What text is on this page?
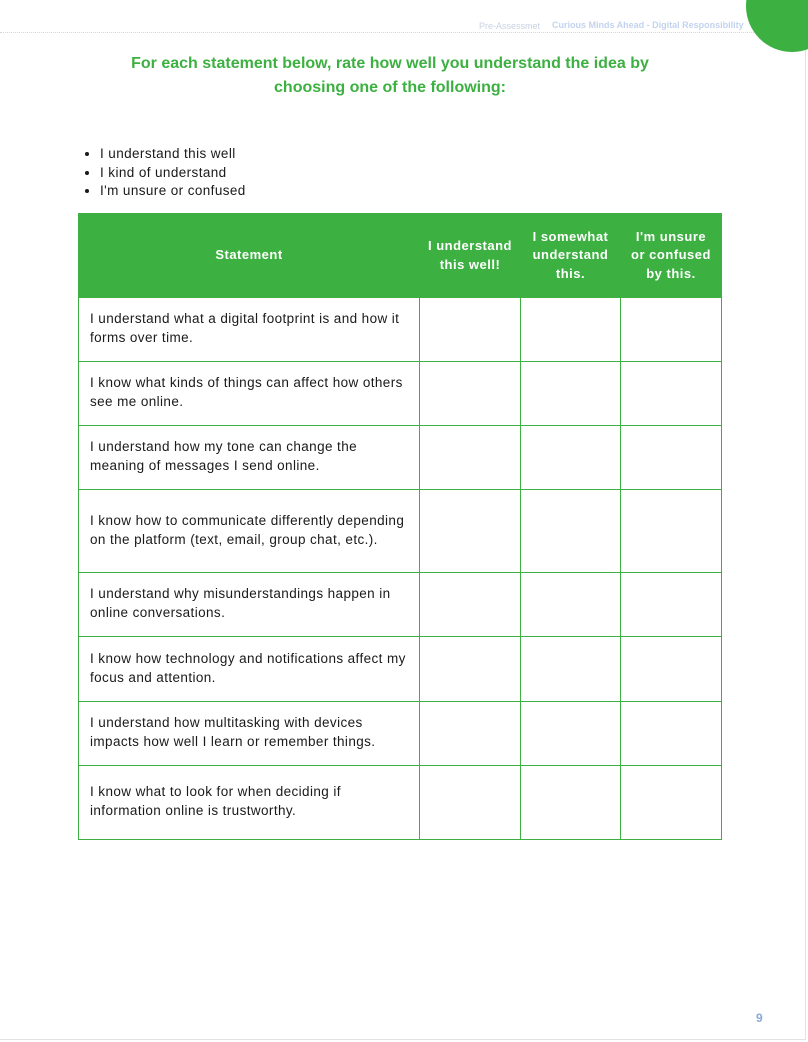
Pre-Assessmet Curious Minds Ahead - Digital Responsibility
For each statement below, rate how well you understand the idea by choosing one of the following:
• I understand this well
• I kind of understand
• I'm unsure or confused
Statement	I understand this well!	I somewhat understand this.	I'm unsure or confused by this.
I understand what a digital footprint is and how it forms over time.			
I know what kinds of things can affect how others see me online.			
I understand how my tone can change the meaning of messages I send online.			
I know how to communicate differently depending on the platform (text, email, group chat, etc.).			
I understand why misunderstandings happen in online conversations.			
I know how technology and notifications affect my focus and attention.			
I understand how multitasking with devices impacts how well I learn or remember things.			
I know what to look for when deciding if information online is trustworthy.			
9
